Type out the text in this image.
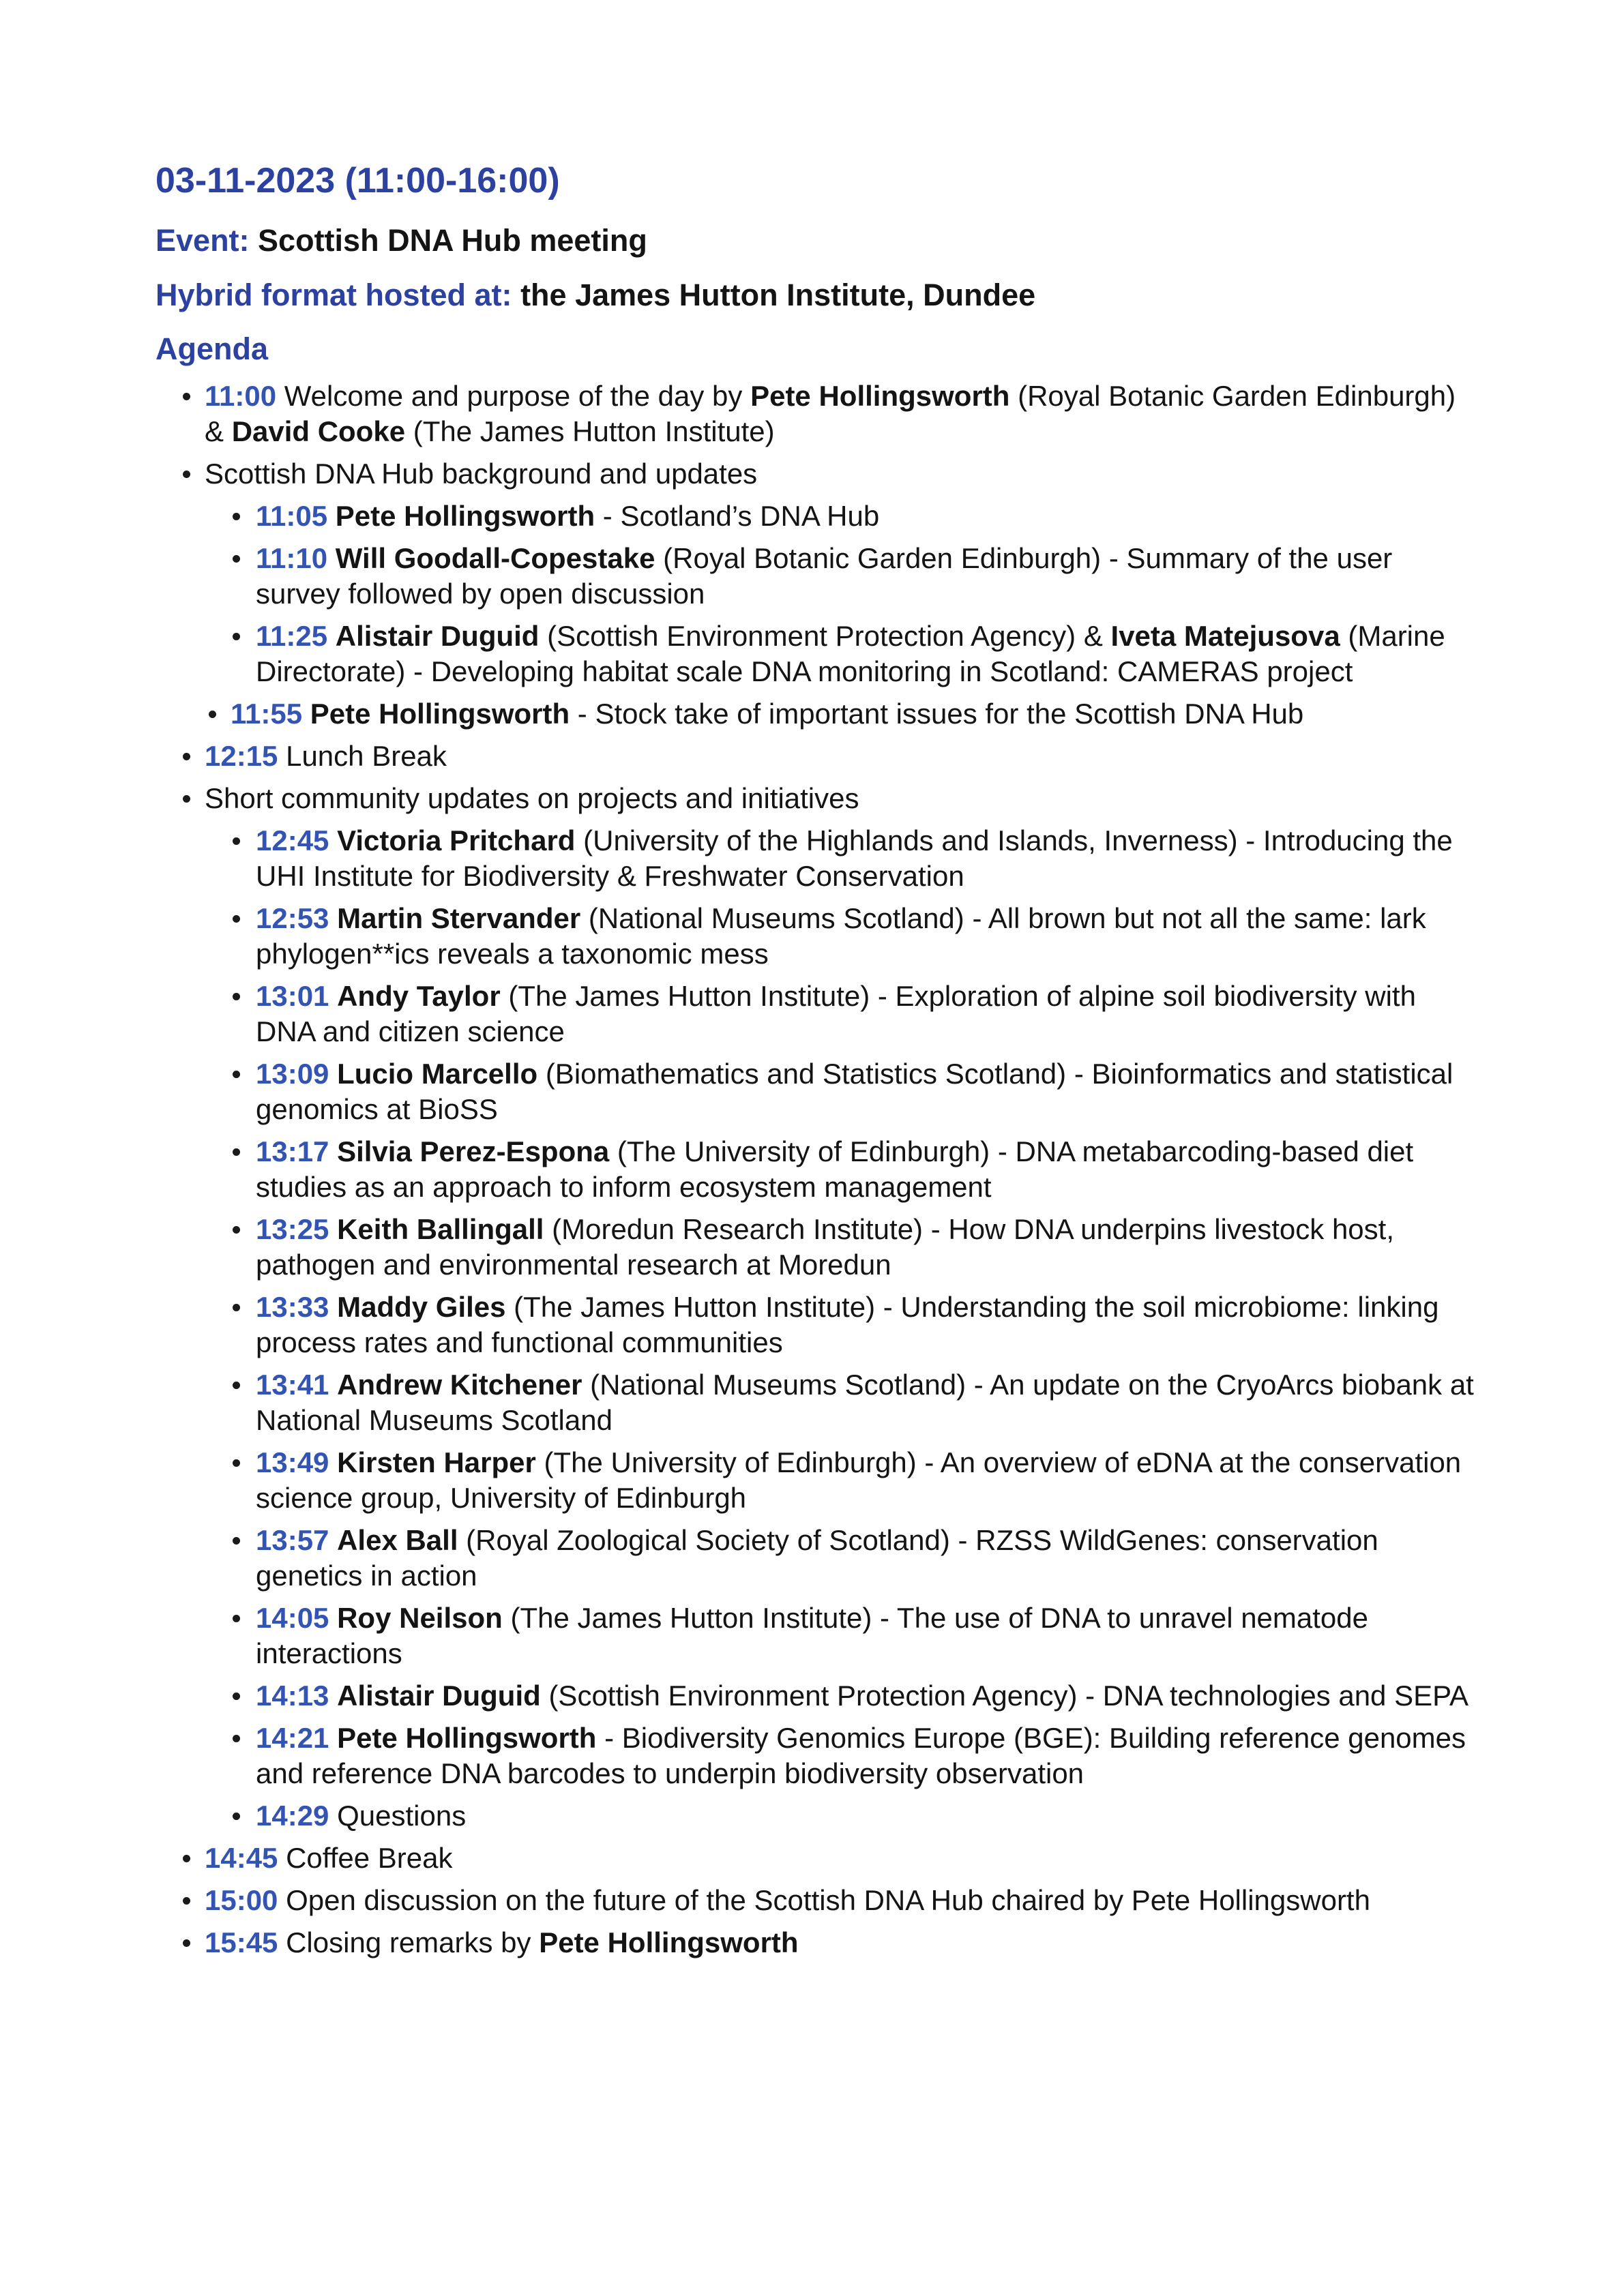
03-11-2023 (11:00-16:00)
Event: Scottish DNA Hub meeting
Hybrid format hosted at: the James Hutton Institute, Dundee
Agenda
11:00 Welcome and purpose of the day by Pete Hollingsworth (Royal Botanic Garden Edinburgh) & David Cooke (The James Hutton Institute)
Scottish DNA Hub background and updates
11:05 Pete Hollingsworth - Scotland’s DNA Hub
11:10 Will Goodall-Copestake (Royal Botanic Garden Edinburgh) - Summary of the user survey followed by open discussion
11:25 Alistair Duguid (Scottish Environment Protection Agency) & Iveta Matejusova (Marine Directorate) - Developing habitat scale DNA monitoring in Scotland: CAMERAS project
11:55 Pete Hollingsworth - Stock take of important issues for the Scottish DNA Hub
12:15 Lunch Break
Short community updates on projects and initiatives
12:45 Victoria Pritchard (University of the Highlands and Islands, Inverness) - Introducing the UHI Institute for Biodiversity & Freshwater Conservation
12:53 Martin Stervander (National Museums Scotland) - All brown but not all the same: lark phylogen**ics reveals a taxonomic mess
13:01 Andy Taylor (The James Hutton Institute) - Exploration of alpine soil biodiversity with DNA and citizen science
13:09 Lucio Marcello (Biomathematics and Statistics Scotland) - Bioinformatics and statistical genomics at BioSS
13:17 Silvia Perez-Espona (The University of Edinburgh) - DNA metabarcoding-based diet studies as an approach to inform ecosystem management
13:25 Keith Ballingall (Moredun Research Institute) - How DNA underpins livestock host, pathogen and environmental research at Moredun
13:33 Maddy Giles (The James Hutton Institute) - Understanding the soil microbiome: linking process rates and functional communities
13:41 Andrew Kitchener (National Museums Scotland) - An update on the CryoArcs biobank at National Museums Scotland
13:49 Kirsten Harper (The University of Edinburgh) - An overview of eDNA at the conservation science group, University of Edinburgh
13:57 Alex Ball (Royal Zoological Society of Scotland) - RZSS WildGenes: conservation genetics in action
14:05 Roy Neilson (The James Hutton Institute) - The use of DNA to unravel nematode interactions
14:13 Alistair Duguid (Scottish Environment Protection Agency) - DNA technologies and SEPA
14:21 Pete Hollingsworth - Biodiversity Genomics Europe (BGE): Building reference genomes and reference DNA barcodes to underpin biodiversity observation
14:29 Questions
14:45 Coffee Break
15:00 Open discussion on the future of the Scottish DNA Hub chaired by Pete Hollingsworth
15:45 Closing remarks by Pete Hollingsworth
